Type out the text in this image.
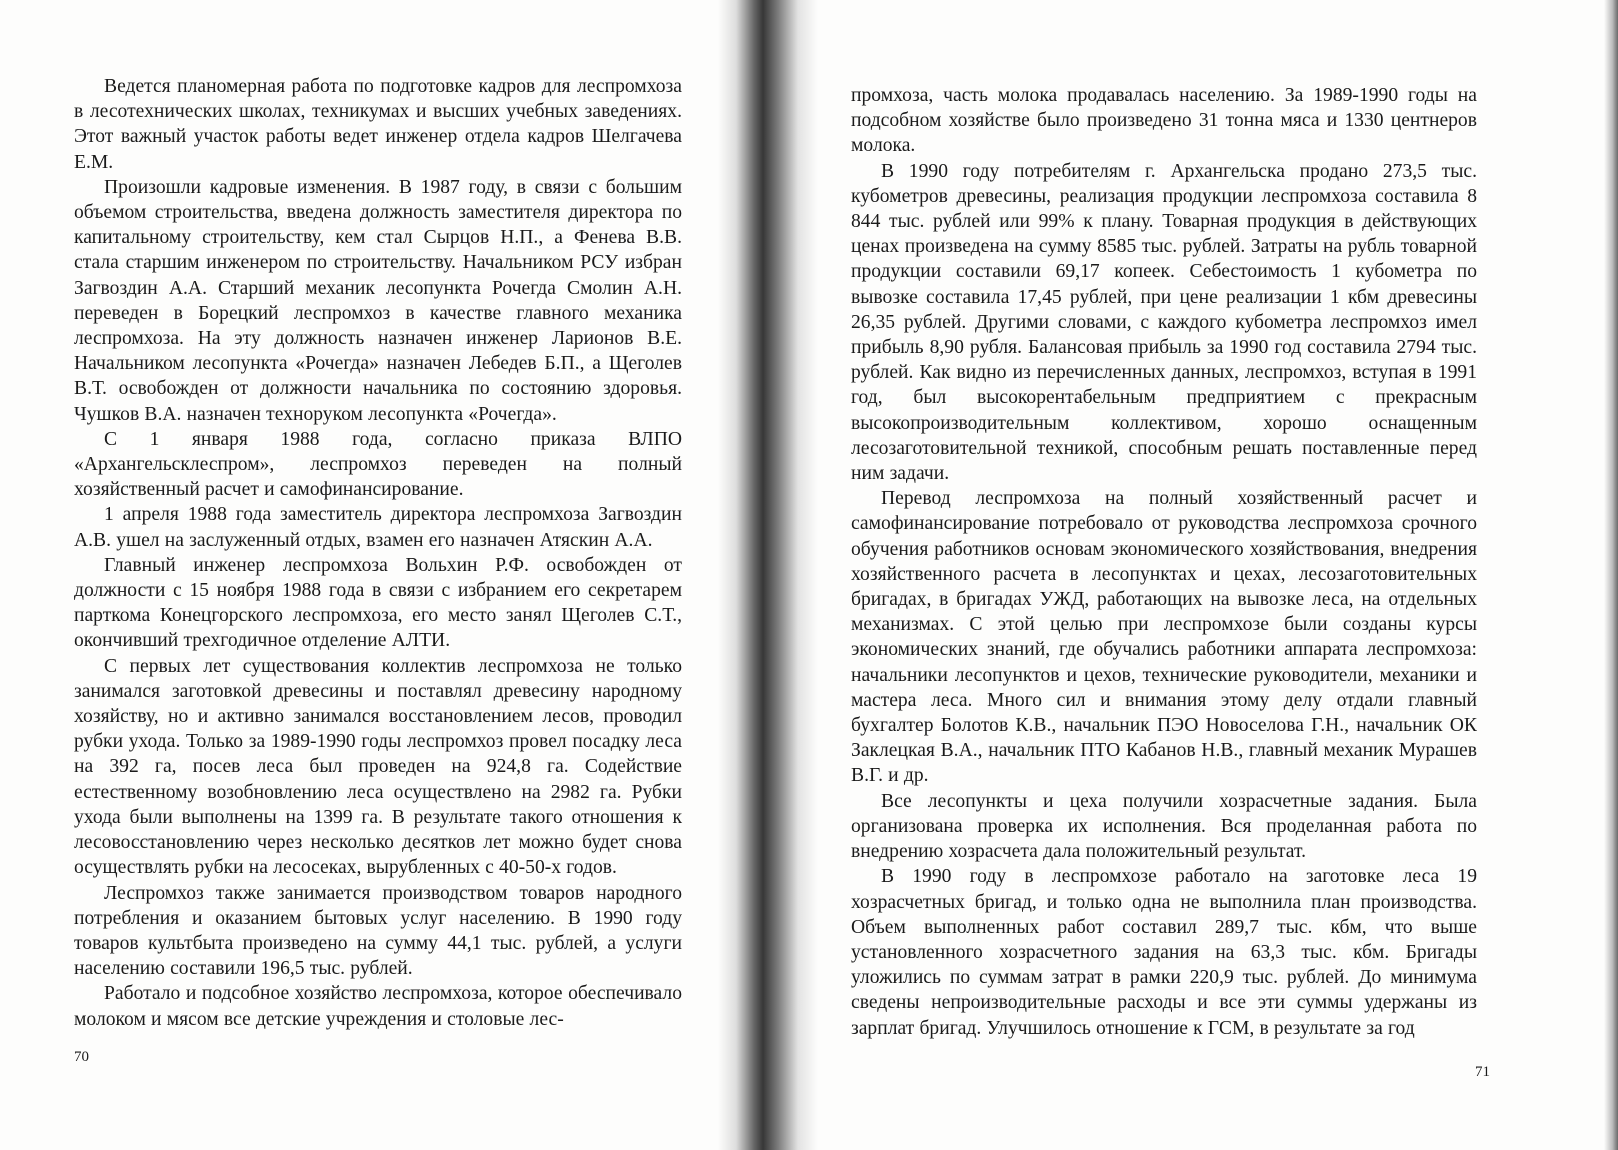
Ведется планомерная работа по подготовке кадров для леспромхоза в лесотехнических школах, техникумах и высших учебных заведениях. Этот важный участок работы ведет инженер отдела кадров Шелгачева Е.М.

Произошли кадровые изменения. В 1987 году, в связи с большим объемом строительства, введена должность заместителя директора по капитальному строительству, кем стал Сырцов Н.П., а Фенева В.В. стала старшим инженером по строительству. Начальником РСУ избран Загвоздин А.А. Старший механик лесопункта Рочегда Смолин А.Н. переведен в Борецкий леспромхоз в качестве главного механика леспромхоза. На эту должность назначен инженер Ларионов В.Е. Начальником лесопункта «Рочегда» назначен Лебедев Б.П., а Щеголев В.Т. освобожден от должности начальника по состоянию здоровья. Чушков В.А. назначен техноруком лесопункта «Рочегда».

С 1 января 1988 года, согласно приказа ВЛПО «Архангельсклеспром», леспромхоз переведен на полный хозяйственный расчет и самофинансирование.

1 апреля 1988 года заместитель директора леспромхоза Загвоздин А.В. ушел на заслуженный отдых, взамен его назначен Атяскин А.А.

Главный инженер леспромхоза Вольхин Р.Ф. освобожден от должности с 15 ноября 1988 года в связи с избранием его секретарем парткома Конецгорского леспромхоза, его место занял Щеголев С.Т., окончивший трехгодичное отделение АЛТИ.

С первых лет существования коллектив леспромхоза не только занимался заготовкой древесины и поставлял древесину народному хозяйству, но и активно занимался восстановлением лесов, проводил рубки ухода. Только за 1989-1990 годы леспромхоз провел посадку леса на 392 га, посев леса был проведен на 924,8 га. Содействие естественному возобновлению леса осуществлено на 2982 га. Рубки ухода были выполнены на 1399 га. В результате такого отношения к лесовосстановлению через несколько десятков лет можно будет снова осуществлять рубки на лесосеках, вырубленных с 40-50-х годов.

Леспромхоз также занимается производством товаров народного потребления и оказанием бытовых услуг населению. В 1990 году товаров культбыта произведено на сумму 44,1 тыс. рублей, а услуги населению составили 196,5 тыс. рублей.

Работало и подсобное хозяйство леспромхоза, которое обеспечивало молоком и мясом все детские учреждения и столовые лес-

70

промхоза, часть молока продавалась населению. За 1989-1990 годы на подсобном хозяйстве было произведено 31 тонна мяса и 1330 центнеров молока.

В 1990 году потребителям г. Архангельска продано 273,5 тыс. кубометров древесины, реализация продукции леспромхоза составила 8 844 тыс. рублей или 99% к плану. Товарная продукция в действующих ценах произведена на сумму 8585 тыс. рублей. Затраты на рубль товарной продукции составили 69,17 копеек. Себестоимость 1 кубометра по вывозке составила 17,45 рублей, при цене реализации 1 кбм древесины 26,35 рублей. Другими словами, с каждого кубометра леспромхоз имел прибыль 8,90 рубля. Балансовая прибыль за 1990 год составила 2794 тыс. рублей. Как видно из перечисленных данных, леспромхоз, вступая в 1991 год, был высокорентабельным предприятием с прекрасным высокопроизводительным коллективом, хорошо оснащенным лесозаготовительной техникой, способным решать поставленные перед ним задачи.

Перевод леспромхоза на полный хозяйственный расчет и самофинансирование потребовало от руководства леспромхоза срочного обучения работников основам экономического хозяйствования, внедрения хозяйственного расчета в лесопунктах и цехах, лесозаготовительных бригадах, в бригадах УЖД, работающих на вывозке леса, на отдельных механизмах. С этой целью при леспромхозе были созданы курсы экономических знаний, где обучались работники аппарата леспромхоза: начальники лесопунктов и цехов, технические руководители, механики и мастера леса. Много сил и внимания этому делу отдали главный бухгалтер Болотов К.В., начальник ПЭО Новоселова Г.Н., начальник ОК Заклецкая В.А., начальник ПТО Кабанов Н.В., главный механик Мурашев В.Г. и др.

Все лесопункты и цеха получили хозрасчетные задания. Была организована проверка их исполнения. Вся проделанная работа по внедрению хозрасчета дала положительный результат.

В 1990 году в леспромхозе работало на заготовке леса 19 хозрасчетных бригад, и только одна не выполнила план производства. Объем выполненных работ составил 289,7 тыс. кбм, что выше установленного хозрасчетного задания на 63,3 тыс. кбм. Бригады уложились по суммам затрат в рамки 220,9 тыс. рублей. До минимума сведены непроизводительные расходы и все эти суммы удержаны из зарплат бригад. Улучшилось отношение к ГСМ, в результате за год

71
